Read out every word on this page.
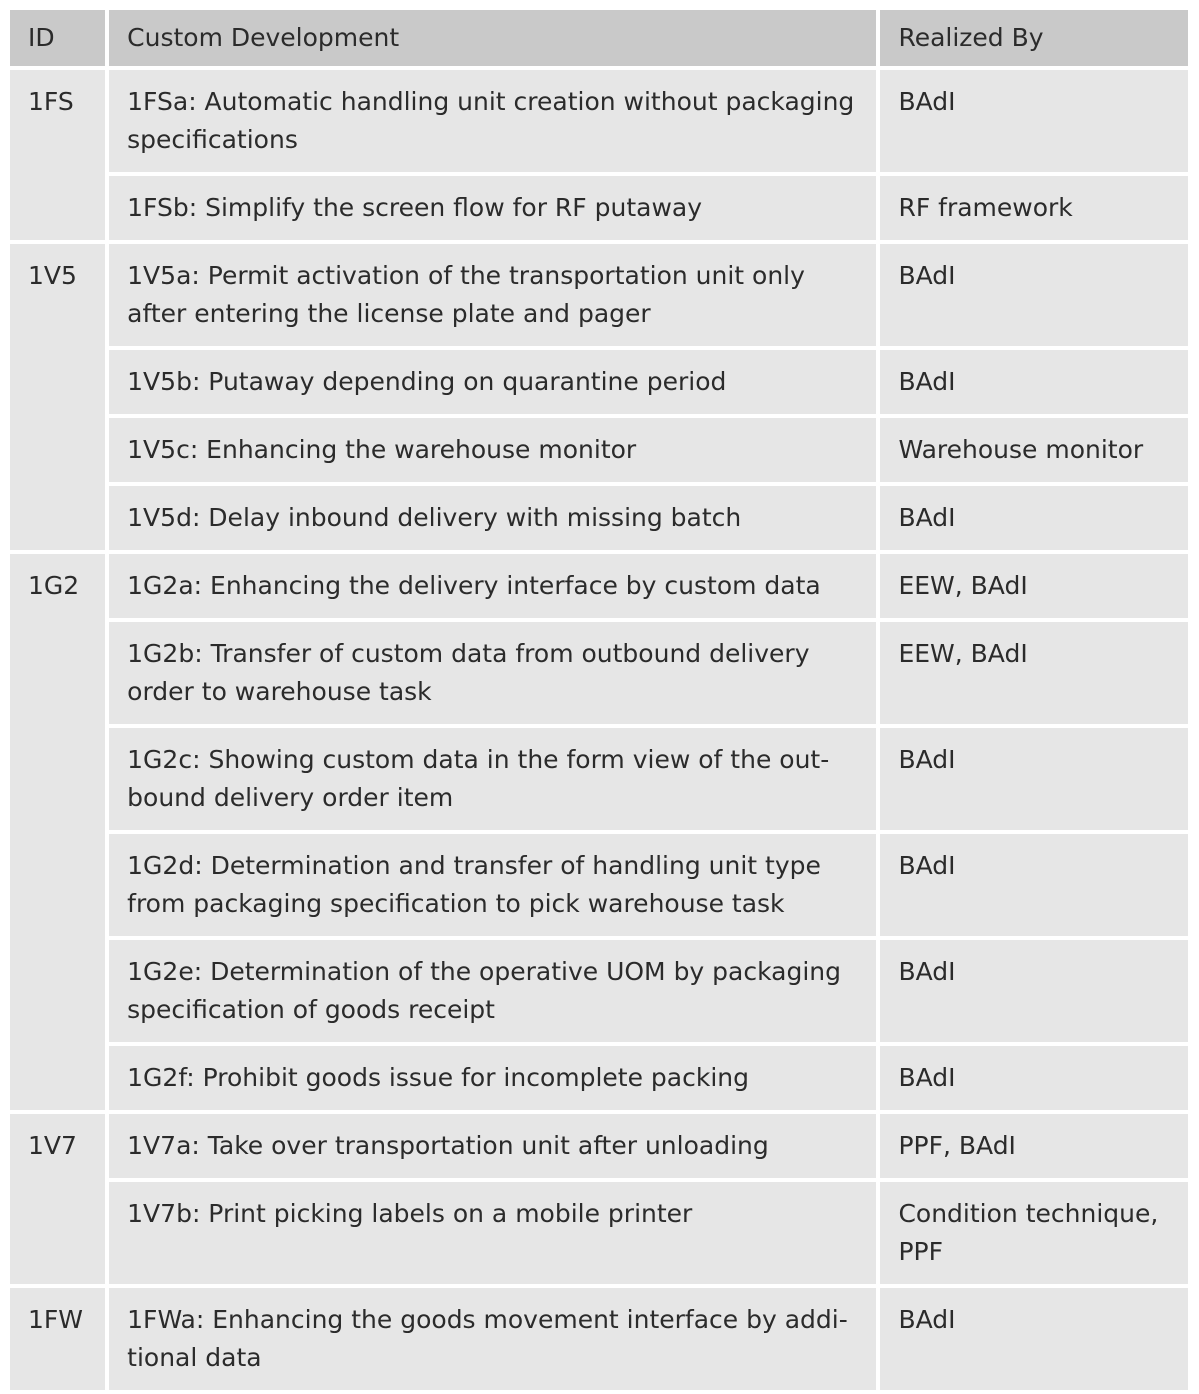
ID	Custom Development	Realized By
1FS	1FSa: Automatic handling unit creation without packaging specifications	BAdI
	1FSb: Simplify the screen flow for RF putaway	RF framework
1V5	1V5a: Permit activation of the transportation unit only after entering the license plate and pager	BAdI
	1V5b: Putaway depending on quarantine period	BAdI
	1V5c: Enhancing the warehouse monitor	Warehouse monitor
	1V5d: Delay inbound delivery with missing batch	BAdI
1G2	1G2a: Enhancing the delivery interface by custom data	EEW, BAdI
	1G2b: Transfer of custom data from outbound delivery order to warehouse task	EEW, BAdI
	1G2c: Showing custom data in the form view of the out-bound delivery order item	BAdI
	1G2d: Determination and transfer of handling unit type from packaging specification to pick warehouse task	BAdI
	1G2e: Determination of the operative UOM by packaging specification of goods receipt	BAdI
	1G2f: Prohibit goods issue for incomplete packing	BAdI
1V7	1V7a: Take over transportation unit after unloading	PPF, BAdI
	1V7b: Print picking labels on a mobile printer	Condition technique, PPF
1FW	1FWa: Enhancing the goods movement interface by addi-tional data	BAdI
